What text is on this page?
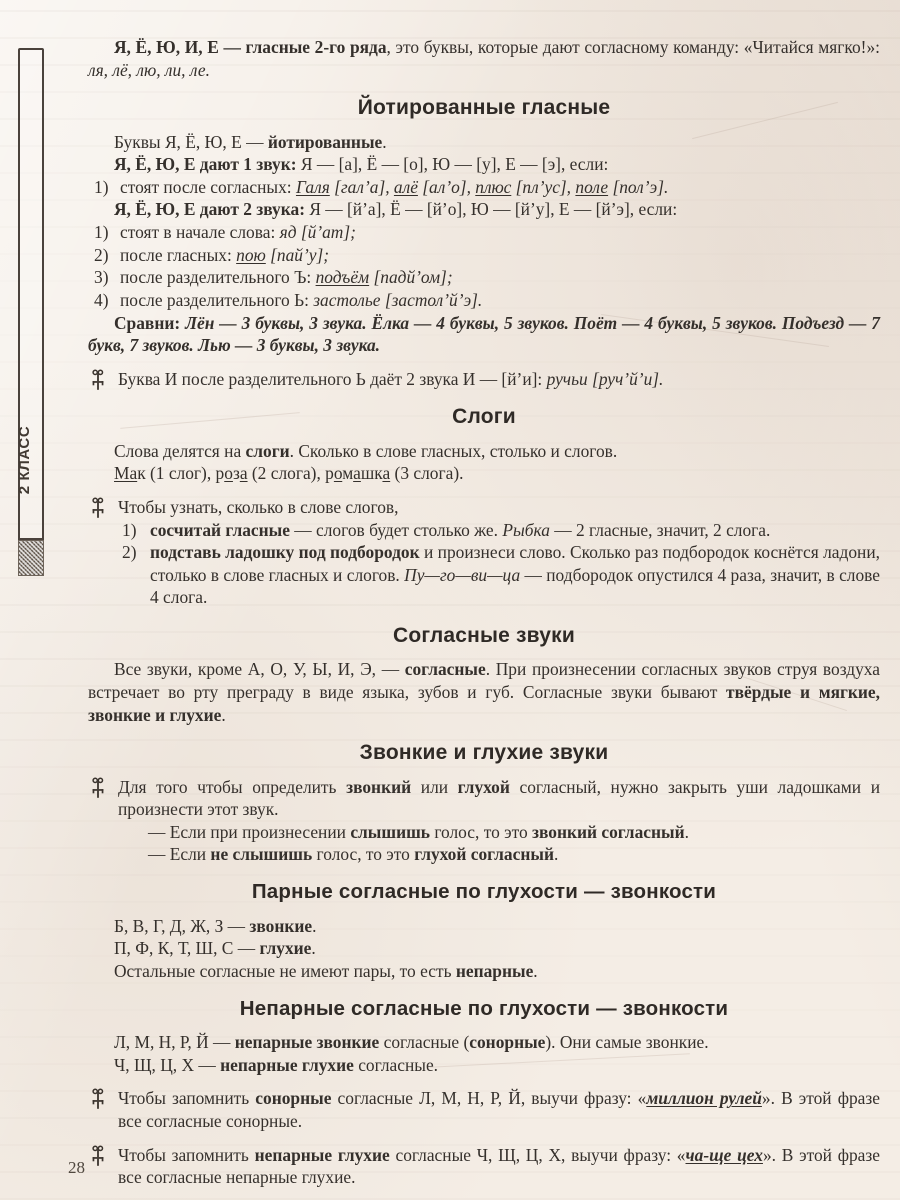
2 КЛАСС

Я, Ё, Ю, И, Е — гласные 2-го ряда, это буквы, которые дают согласному команду: «Читайся мягко!»: ля, лё, лю, ли, ле.

Йотированные гласные

Буквы Я, Ё, Ю, Е — йотированные.

Я, Ё, Ю, Е дают 1 звук: Я — [а], Ё — [о], Ю — [у], Е — [э], если:

1) стоят после согласных: Галя [гал’а], алё [ал’о], плюс [пл’ус], поле [пол’э].

Я, Ё, Ю, Е дают 2 звука: Я — [й’а], Ё — [й’о], Ю — [й’у], Е — [й’э], если:

1) стоят в начале слова: яд [й’ат];

2) после гласных: пою [пай’у];

3) после разделительного Ъ: подъём [падй’ом];

4) после разделительного Ь: застолье [застол’й’э].

Сравни: Лён — 3 буквы, 3 звука. Ёлка — 4 буквы, 5 звуков. Поёт — 4 буквы, 5 звуков. Подъезд — 7 букв, 7 звуков. Лью — 3 буквы, 3 звука.

Буква И после разделительного Ь даёт 2 звука И — [й’и]: ручьи [руч’й’и].

Слоги

Слова делятся на слоги. Сколько в слове гласных, столько и слогов.

Мак (1 слог), роза (2 слога), ромашка (3 слога).

Чтобы узнать, сколько в слове слогов,

1) сосчитай гласные — слогов будет столько же. Рыбка — 2 гласные, значит, 2 слога.

2) подставь ладошку под подбородок и произнеси слово. Сколько раз подбородок коснётся ладони, столько в слове гласных и слогов. Пу—го—ви—ца — подбородок опустился 4 раза, значит, в слове 4 слога.

Согласные звуки

Все звуки, кроме А, О, У, Ы, И, Э, — согласные. При произнесении согласных звуков струя воздуха встречает во рту преграду в виде языка, зубов и губ. Согласные звуки бывают твёрдые и мягкие, звонкие и глухие.

Звонкие и глухие звуки

Для того чтобы определить звонкий или глухой согласный, нужно закрыть уши ладошками и произнести этот звук.

— Если при произнесении слышишь голос, то это звонкий согласный.

— Если не слышишь голос, то это глухой согласный.

Парные согласные по глухости — звонкости

Б, В, Г, Д, Ж, З — звонкие.

П, Ф, К, Т, Ш, С — глухие.

Остальные согласные не имеют пары, то есть непарные.

Непарные согласные по глухости — звонкости

Л, М, Н, Р, Й — непарные звонкие согласные (сонорные). Они самые звонкие.

Ч, Щ, Ц, Х — непарные глухие согласные.

Чтобы запомнить сонорные согласные Л, М, Н, Р, Й, выучи фразу: «миллион рулей». В этой фразе все согласные сонорные.

Чтобы запомнить непарные глухие согласные Ч, Щ, Ц, Х, выучи фразу: «ча-ще цех». В этой фразе все согласные непарные глухие.

28
